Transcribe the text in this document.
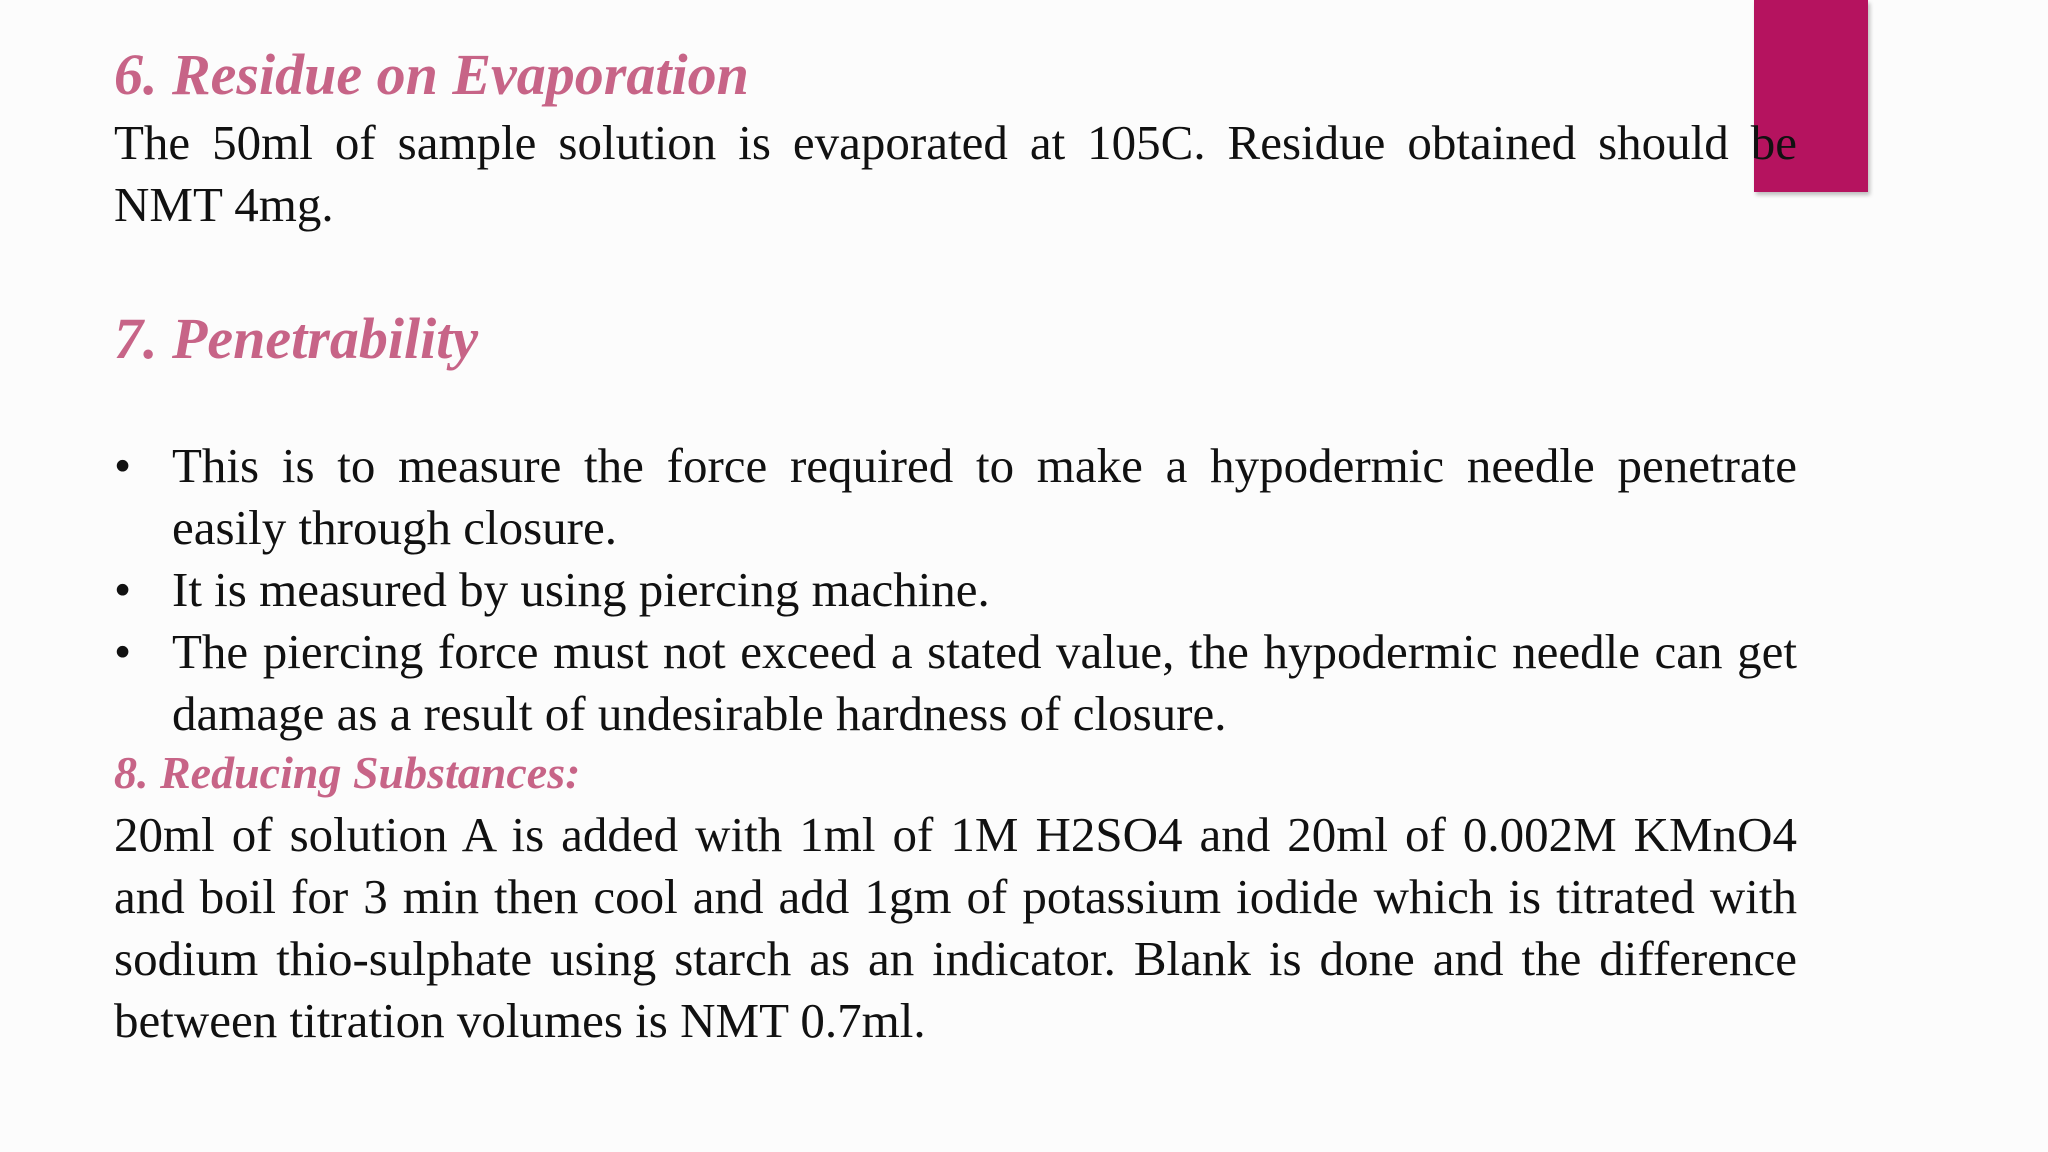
6. Residue on Evaporation

The 50ml of sample solution is evaporated at 105C. Residue obtained should be NMT 4mg.

7. Penetrability
• This is to measure the force required to make a hypodermic needle penetrate easily through closure.
• It is measured by using piercing machine.
• The piercing force must not exceed a stated value, the hypodermic needle can get damage as a result of undesirable hardness of closure.
8. Reducing Substances:

20ml of solution A is added with 1ml of 1M H2SO4 and 20ml of 0.002M KMnO4 and boil for 3 min then cool and add 1gm of potassium iodide which is titrated with sodium thio-sulphate using starch as an indicator. Blank is done and the difference between titration volumes is NMT 0.7ml.
